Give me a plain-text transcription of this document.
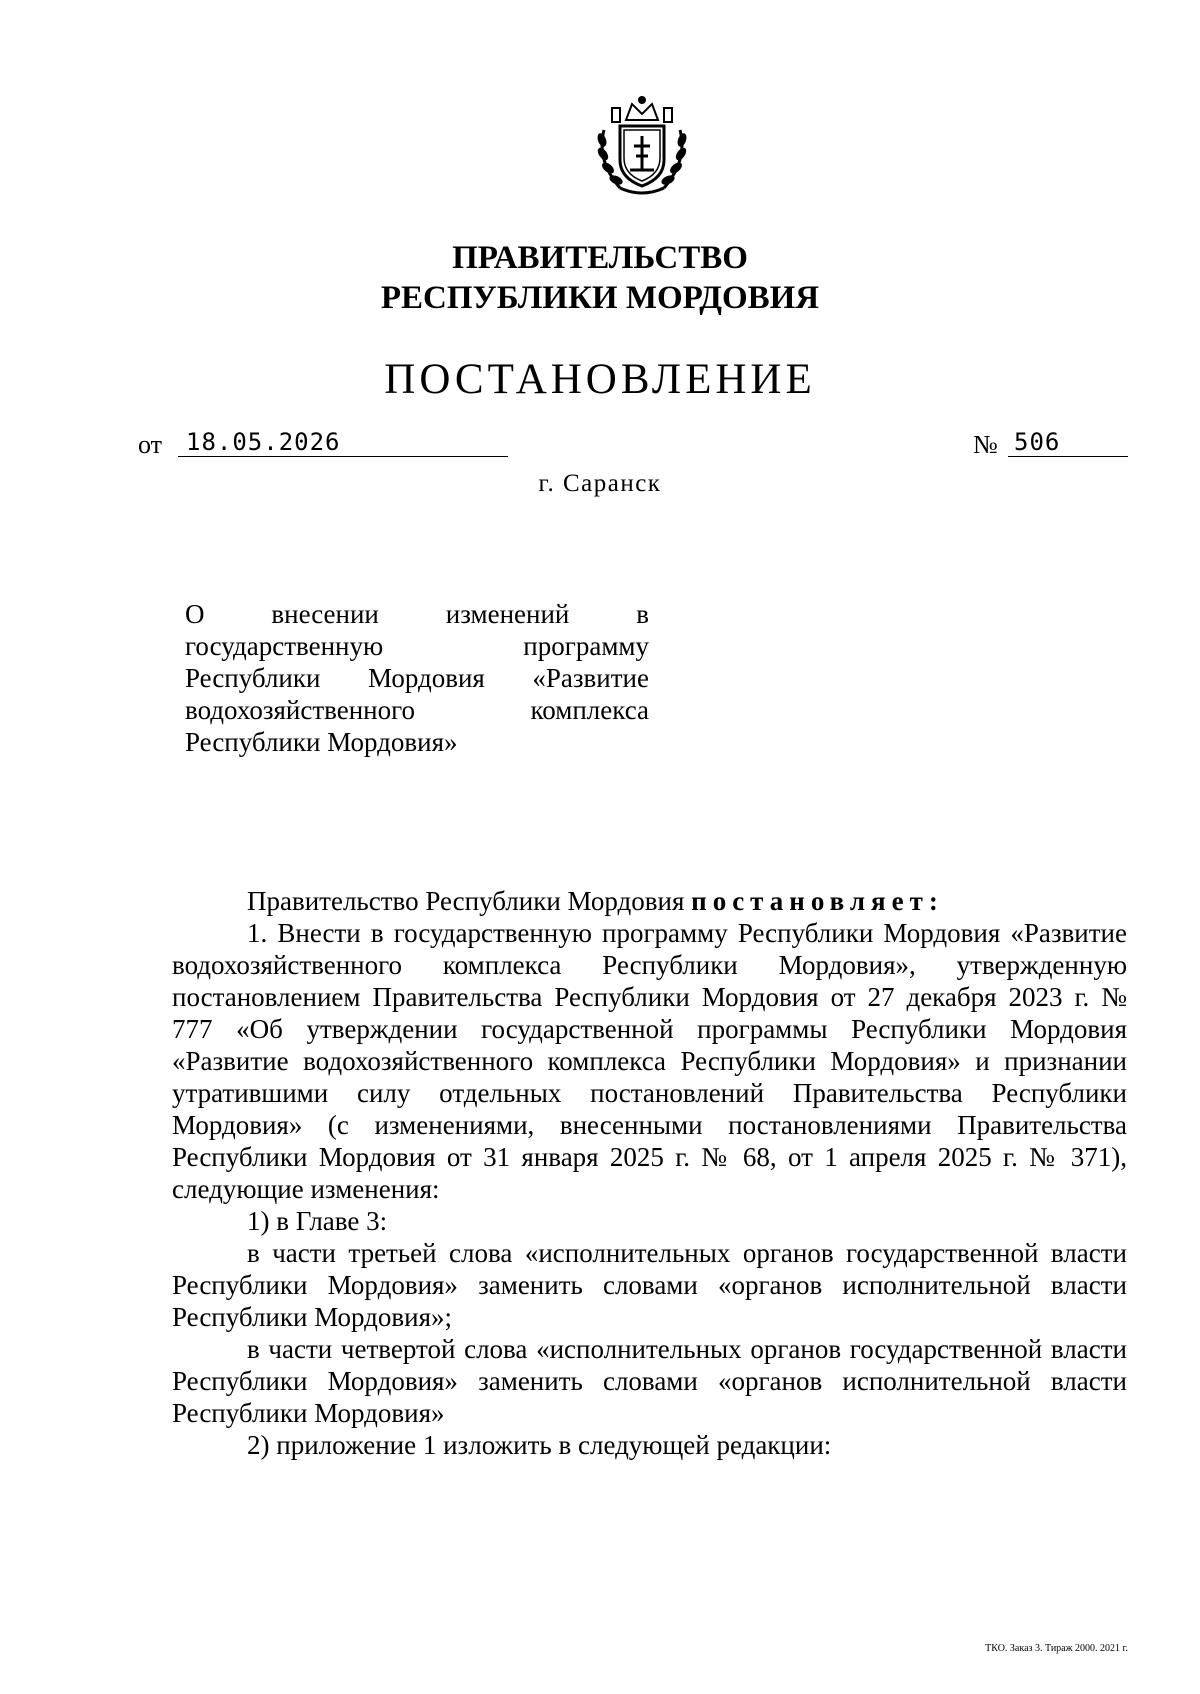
ПРАВИТЕЛЬСТВО
РЕСПУБЛИКИ МОРДОВИЯ
ПОСТАНОВЛЕНИЕ
от 18.05.2026	№ 506
г. Саранск
О внесении изменений в
государственную программу
Республики Мордовия «Развитие
водохозяйственного комплекса
Республики Мордовия»

Правительство Республики Мордовия постановляет:

1. Внести в государственную программу Республики Мордовия «Развитие водохозяйственного комплекса Республики Мордовия», утвержденную постановлением Правительства Республики Мордовия от 27 декабря 2023 г. № 777 «Об утверждении государственной программы Республики Мордовия «Развитие водохозяйственного комплекса Республики Мордовия» и признании утратившими силу отдельных постановлений Правительства Республики Мордовия» (с изменениями, внесенными постановлениями Правительства Республики Мордовия от 31 января 2025 г. № 68, от 1 апреля 2025 г. № 371), следующие изменения:

1) в Главе 3:

в части третьей слова «исполнительных органов государственной власти Республики Мордовия» заменить словами «органов исполнительной власти Республики Мордовия»;

в части четвертой слова «исполнительных органов государственной власти Республики Мордовия» заменить словами «органов исполнительной власти Республики Мордовия»

2) приложение 1 изложить в следующей редакции:

ТКО. Заказ 3. Тираж 2000. 2021 г.
